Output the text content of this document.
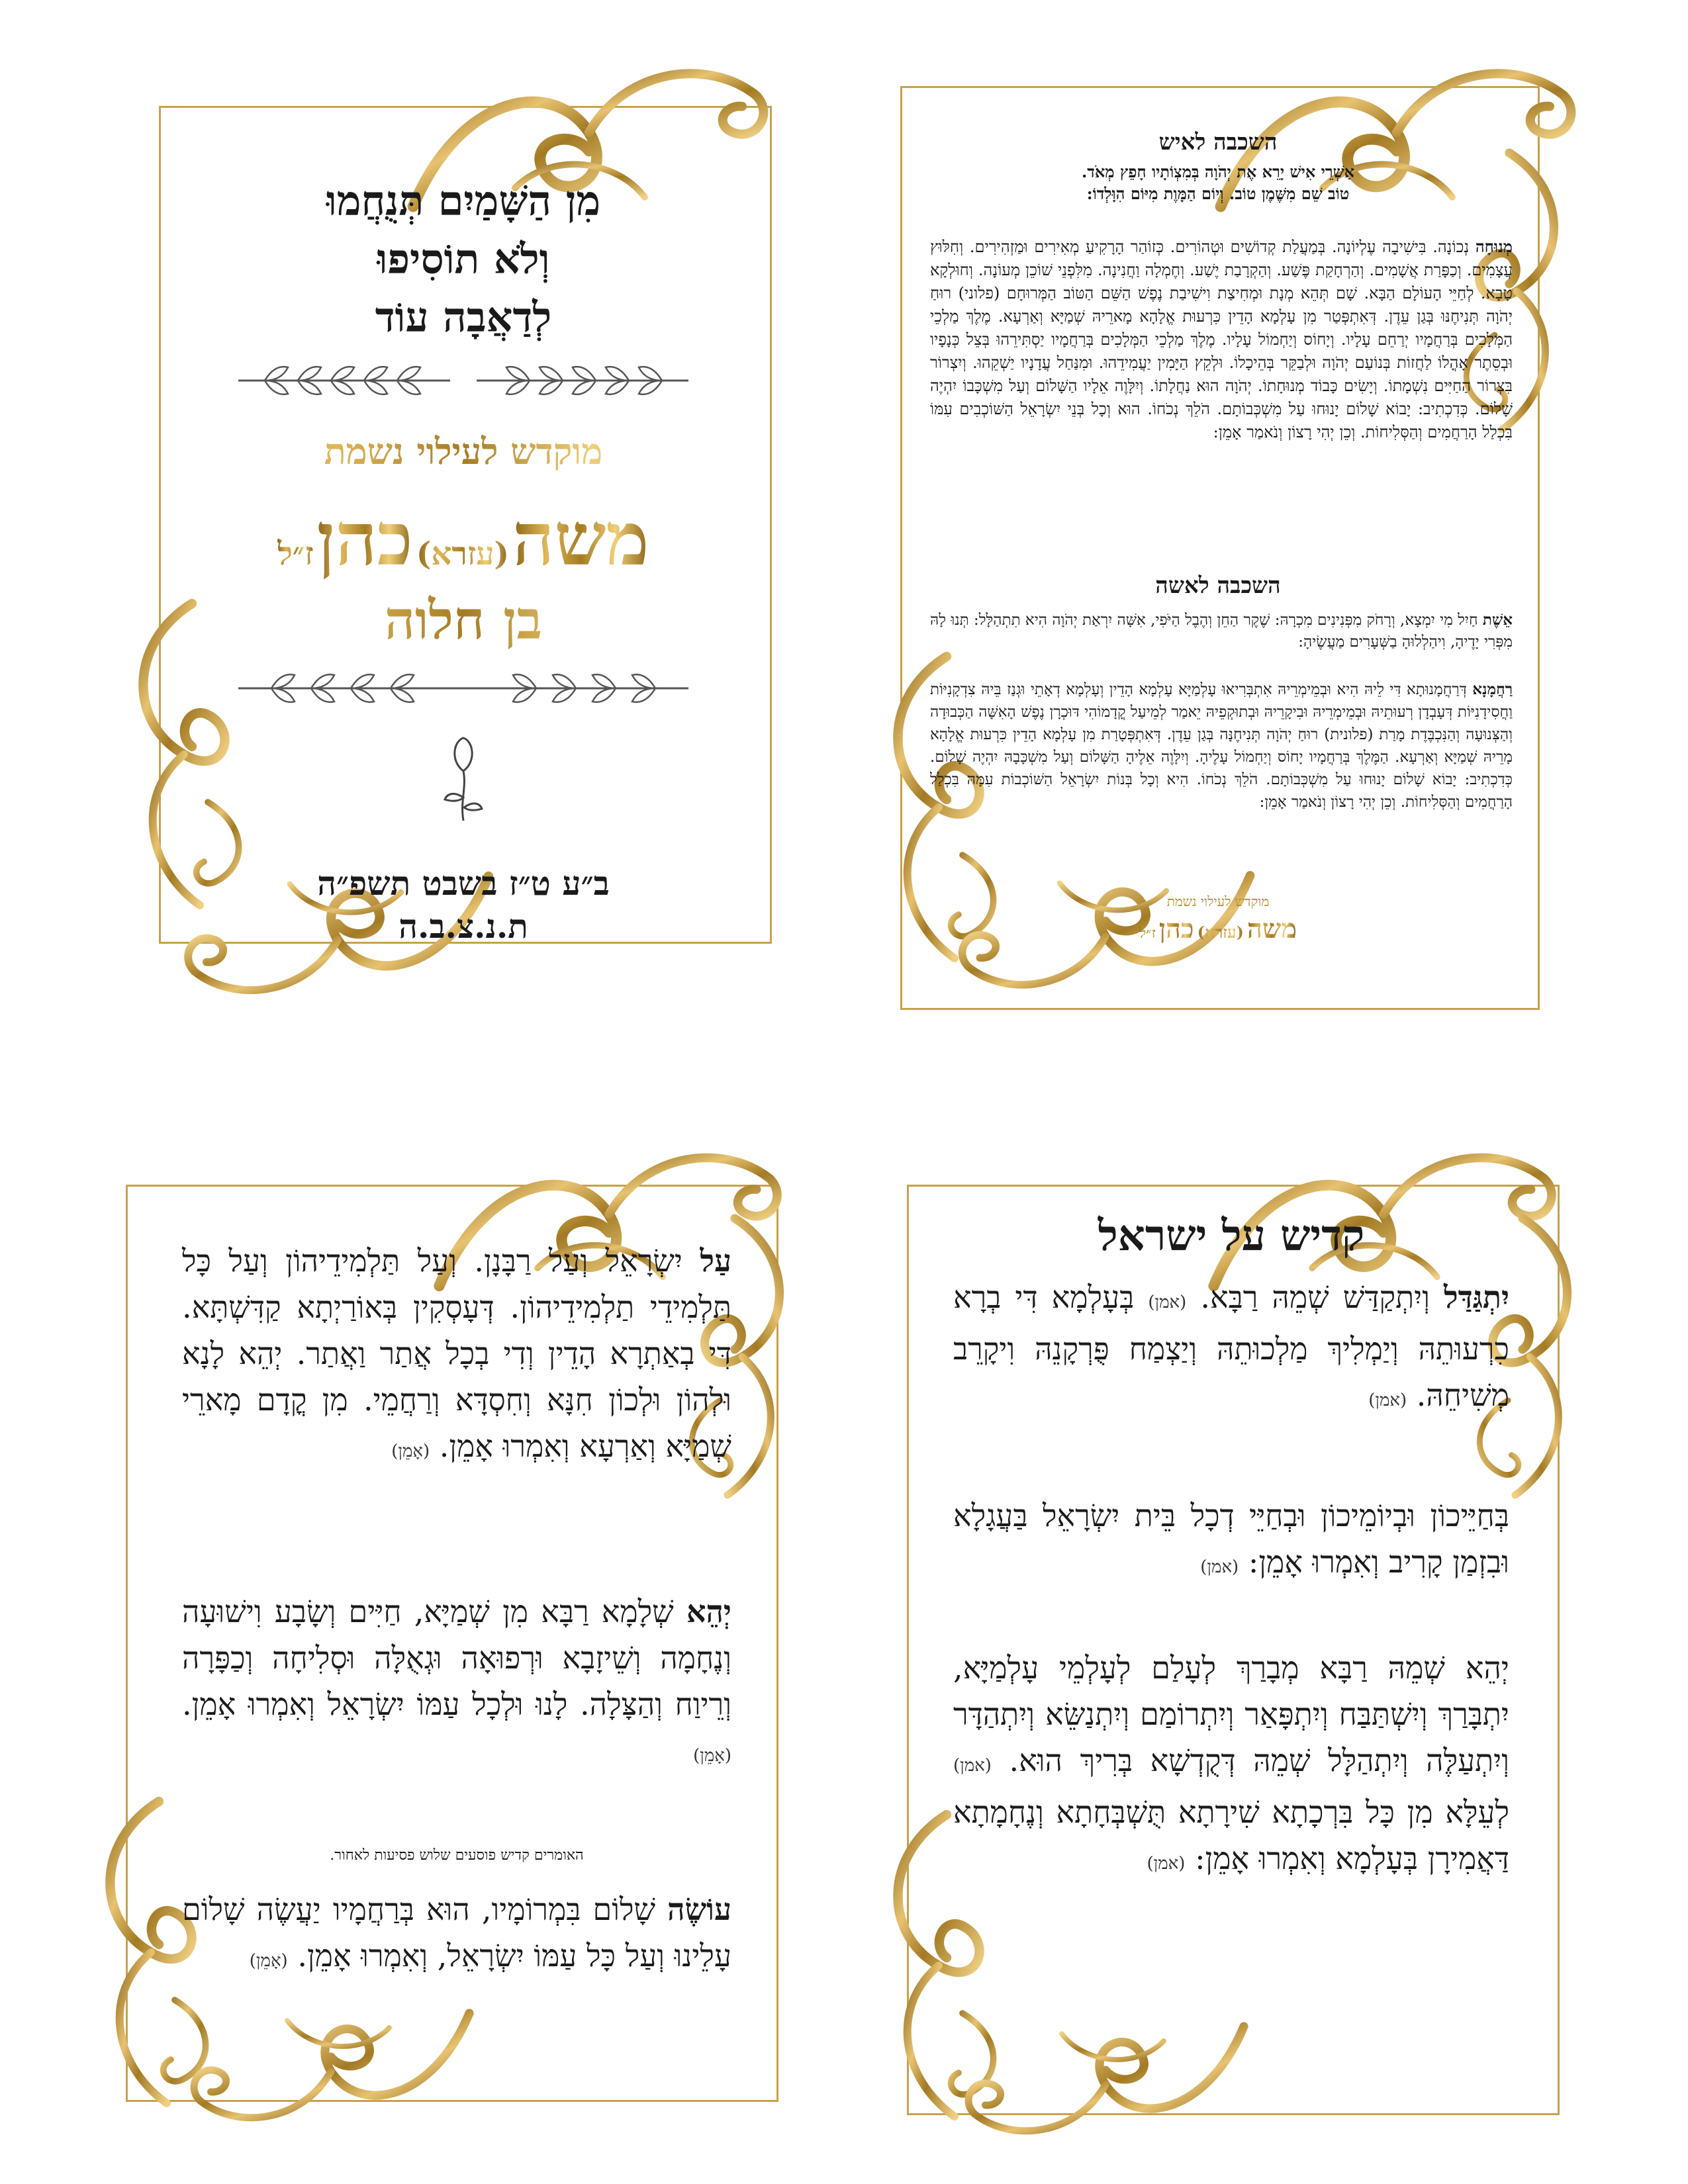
מִן הַשָּׁמַיִם תְּנֻחֲמוּ
וְלֹא תוֹסִיפוּ
לְדַאֲבָה עוֹד
מוקדש לעילוי נשמת
משה (עזרא) כהן ז״ל
בן חלוה
ב״ע ט״ז בשבט תשפ״ה
ת.נ.צ.ב.ה
השכבה לאיש
אַשְׁרֵי אִישׁ יָרֵא אֶת יְהֹוָה בְּמִצְוֹתָיו חָפֵץ מְאֹד.
טוֹב שֵׁם מִשֶּׁמֶן טוֹב. וְיוֹם הַמָּוֶת מִיּוֹם הִוָּלְדוֹ:
מְנוּחָה נְכוֹנָה. בִּישִׁיבָה עֶלְיוֹנָה. בְּמַעֲלַת קְדוֹשִׁים וּטְהוֹרִים. כְּזוֹהַר הָרָקִיעַ מְאִירִים וּמַזְהִירִים. וְחִלּוּץ עֲצָמִים. וְכַפָּרַת אֲשָׁמִים. וְהַרְחָקַת פֶּשַׁע. וְהַקְרָבַת יֶשַׁע. וְחֶמְלָה וַחֲנִינָה. מִלִּפְנֵי שׁוֹכֵן מְעוֹנָה. וְחוּלְקָא טָבָא. לְחַיֵּי הָעוֹלָם הַבָּא. שָׁם תְּהֵא מְנָת וּמְחִיצַת וִישִׁיבַת נֶפֶשׁ הַשֵּׁם הַטּוֹב הַמְּרוּחָם (פלוני) רוּחַ יְהֹוָה תְּנִיחֶנּוּ בְּגַן עֵדֶן. דְּאִתְפְּטַר מִן עָלְמָא הָדֵין כִּרְעוּת אֱלָהָא מָארֵיהּ שְׁמַיָּא וְאַרְעָא. מֶלֶךְ מַלְכֵי הַמְּלָכִים בְּרַחֲמָיו יְרַחֵם עָלָיו. וְיָחוֹס וְיַחְמוֹל עָלָיו. מֶלֶךְ מַלְכֵי הַמְּלָכִים בְּרַחֲמָיו יַסְתִּירֵהוּ בְּצֵל כְּנָפָיו וּבְסֵתֶר אָהֳלוֹ לַחֲזוֹת בְּנוֹעַם יְהֹוָה וּלְבַקֵּר בְּהֵיכָלוֹ. וּלְקֵץ הַיָּמִין יַעֲמִידֵהוּ. וּמִנַּחַל עֲדָנָיו יַשְׁקֵהוּ. וְיִצְרוֹר בִּצְרוֹר הַחַיִּים נִשְׁמָתוֹ. וְיָשִׂים כָּבוֹד מְנוּחָתוֹ. יְהֹוָה הוּא נַחֲלָתוֹ. וְיִלָּוֶה אֵלָיו הַשָּׁלוֹם וְעַל מִשְׁכָּבוֹ יִהְיֶה שָׁלוֹם. כְּדִכְתִיב: יָבוֹא שָׁלוֹם יָנוּחוּ עַל מִשְׁכְּבוֹתָם. הֹלֵךְ נְכֹחוֹ. הוּא וְכָל בְּנֵי יִשְׂרָאֵל הַשּׁוֹכְבִים עִמּוֹ בִּכְלַל הָרַחֲמִים וְהַסְּלִיחוֹת. וְכֵן יְהִי רָצוֹן וְנֹאמַר אָמֵן:
השכבה לאשה
אֵשֶׁת חַיִל מִי יִמְצָא, וְרָחֹק מִפְּנִינִים מִכְרָהּ: שֶׁקֶר הַחֵן וְהֶבֶל הַיֹּפִי, אִשָּׁה יִרְאַת יְהֹוָה הִיא תִתְהַלָּל: תְּנוּ לָהּ מִפְּרִי יָדֶיהָ, וִיהַלְלוּהָ בַשְּׁעָרִים מַעֲשֶׂיהָ:
רַחֲמָנָא דְּרַחֲמָנוּתָא דִּי לֵיהּ הִיא וּבְמֵימְרֵיהּ אִתְבְּרִיאוּ עָלְמַיָּא עָלְמָא הָדֵין וְעָלְמָא דְאָתֵי וּגְנַז בֵּיהּ צִדְקָנִיּוֹת וַחֲסִידָנִיּוֹת דְּעָבְדָן רְעוּתֵיהּ וּבְמֵימְרֵיהּ וּבִיקָרֵיהּ וּבְתוּקְפֵיהּ יֵאמַר לְמֵיעַל קֳדָמוֹהִי דּוּכְרָן נֶפֶשׁ הָאִשָּׁה הַכְּבוּדָה וְהַצְּנוּעָה וְהַנִּכְבֶּדֶת מָרַת (פלונית) רוּחַ יְהֹוָה תְּנִיחֶנָּה בְּגַן עֵדֶן. דְּאִתְפְּטָרַת מִן עָלְמָא הָדֵין כִּרְעוּת אֱלָהָא מָרֵיהּ שְׁמַיָּא וְאַרְעָא. הַמֶּלֶךְ בְּרַחֲמָיו יָחוֹס וְיַחְמוֹל עָלֶיהָ. וְיִלָּוֶה אֵלֶיהָ הַשָּׁלוֹם וְעַל מִשְׁכָּבָהּ יִהְיֶה שָׁלוֹם. כְּדִכְתִיב: יָבוֹא שָׁלוֹם יָנוּחוּ עַל מִשְׁכְּבוֹתָם. הֹלֵךְ נְכֹחוֹ. הִיא וְכָל בְּנוֹת יִשְׂרָאֵל הַשּׁוֹכְבוֹת עִמָּהּ בִּכְלַל הָרַחֲמִים וְהַסְּלִיחוֹת. וְכֵן יְהִי רָצוֹן וְנֹאמַר אָמֵן:
מוקדש לעילוי נשמת
משה (עזרא) כהן ז״ל
עַל יִשְׂרָאֵל וְעַל רַבָּנָן. וְעַל תַּלְמִידֵיהוֹן וְעַל כָּל תַּלְמִידֵי תַלְמִידֵיהוֹן. דְּעָסְקִין בְּאוֹרַיְתָא קַדִּשְׁתָּא. דִּי בְאַתְרָא הָדֵין וְדִי בְכָל אֲתַר וַאֲתַר. יְהֵא לָנָא וּלְהוֹן וּלְכוֹן חִנָּא וְחִסְדָּא וְרַחֲמֵי. מִן קֳדָם מָארֵי שְׁמַיָּא וְאַרְעָא וְאִמְרוּ אָמֵן. (אָמֵן)
יְהֵא שְׁלָמָא רַבָּא מִן שְׁמַיָּא, חַיִּים וְשָׂבָע וִישׁוּעָה וְנֶחָמָה וְשֵׁיזָבָא וּרְפוּאָה וּגְאֻלָּה וּסְלִיחָה וְכַפָּרָה וְרֵיוַח וְהַצָּלָה. לָנוּ וּלְכָל עַמּוֹ יִשְׂרָאֵל וְאִמְרוּ אָמֵן. (אָמֵן)
האומרים קדיש פוסעים שלוש פסיעות לאחור.
עוֹשֶׂה שָׁלוֹם בִּמְרוֹמָיו, הוּא בְּרַחֲמָיו יַעֲשֶׂה שָׁלוֹם עָלֵינוּ וְעַל כָּל עַמּוֹ יִשְׂרָאֵל, וְאִמְרוּ אָמֵן. (אָמֵן)
קדיש על ישראל
יִתְגַּדַּל וְיִתְקַדַּשׁ שְׁמֵהּ רַבָּא. (אמן) בְּעָלְמָא דִּי בְרָא כִרְעוּתֵהּ וְיַמְלִיךְ מַלְכוּתֵהּ וְיַצְמַח פֻּרְקָנֵהּ וִיקָרֵב מְשִׁיחֵהּ. (אמן)
בְּחַיֵּיכוֹן וּבְיוֹמֵיכוֹן וּבְחַיֵּי דְכָל בֵּית יִשְׂרָאֵל בַּעֲגָלָא וּבִזְמַן קָרִיב וְאִמְרוּ אָמֵן: (אמן)
יְהֵא שְׁמֵהּ רַבָּא מְבָרַךְ לְעָלַם לְעָלְמֵי עָלְמַיָּא, יִתְבָּרַךְ וְיִשְׁתַּבַּח וְיִתְפָּאַר וְיִתְרוֹמַם וְיִתְנַשֵּׂא וְיִתְהַדָּר וְיִתְעַלֶּה וְיִתְהַלָּל שְׁמֵהּ דְּקֻדְשָׁא בְּרִיךְ הוּא. (אמן) לְעֵלָּא מִן כָּל בִּרְכָתָא שִׁירָתָא תֻּשְׁבְּחָתָא וְנֶחָמָתָא דַּאֲמִירָן בְּעָלְמָא וְאִמְרוּ אָמֵן: (אמן)
